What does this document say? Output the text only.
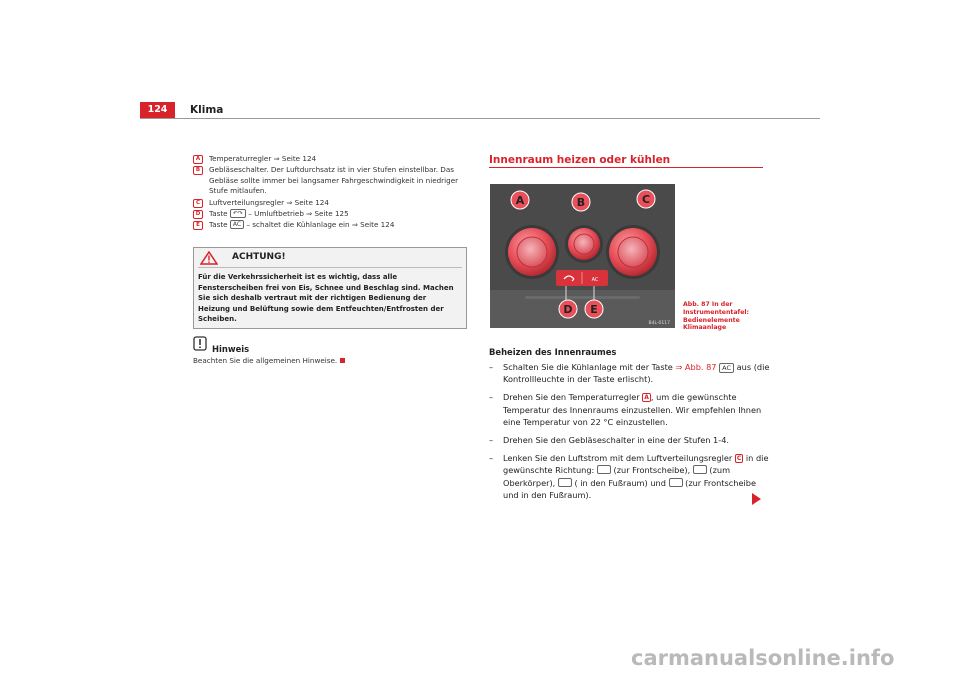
124	Klima
A	Temperaturregler ⇒ Seite 124
B	Gebläseschalter. Der Luftdurchsatz ist in vier Stufen einstellbar. Das Gebläse sollte immer bei langsamer Fahrgeschwindigkeit in niedriger Stufe mitlaufen.
C	Luftverteilungsregler ⇒ Seite 124
D	Taste ↶↷ – Umluftbetrieb ⇒ Seite 125
E	Taste AC – schaltet die Kühlanlage ein ⇒ Seite 124
ACHTUNG!
Für die Verkehrssicherheit ist es wichtig, dass alle Fensterscheiben frei von Eis, Schnee und Beschlag sind. Machen Sie sich deshalb vertraut mit der richtigen Bedienung der Heizung und Belüftung sowie dem Entfeuchten/Entfrosten der Scheiben.
Hinweis
Beachten Sie die allgemeinen Hinweise.
Innenraum heizen oder kühlen
AC
A	B	C
D E
B4L-0117
Abb. 87 In der Instrumententafel: Bedienelemente Klimaanlage
Beheizen des Innenraumes
– Schalten Sie die Kühlanlage mit der Taste ⇒ Abb. 87 AC aus (die Kontrollleuchte in der Taste erlischt).
– Drehen Sie den Temperaturregler A , um die gewünschte Temperatur des Innenraums einzustellen. Wir empfehlen Ihnen eine Temperatur von 22 °C einzustellen.
– Drehen Sie den Gebläseschalter in eine der Stufen 1-4.
– Lenken Sie den Luftstrom mit dem Luftverteilungsregler C in die gewünschte Richtung:  (zur Frontscheibe),  (zum Oberkörper),  ( in den Fußraum) und  (zur Frontscheibe und in den Fußraum).
carmanualsonline.info
